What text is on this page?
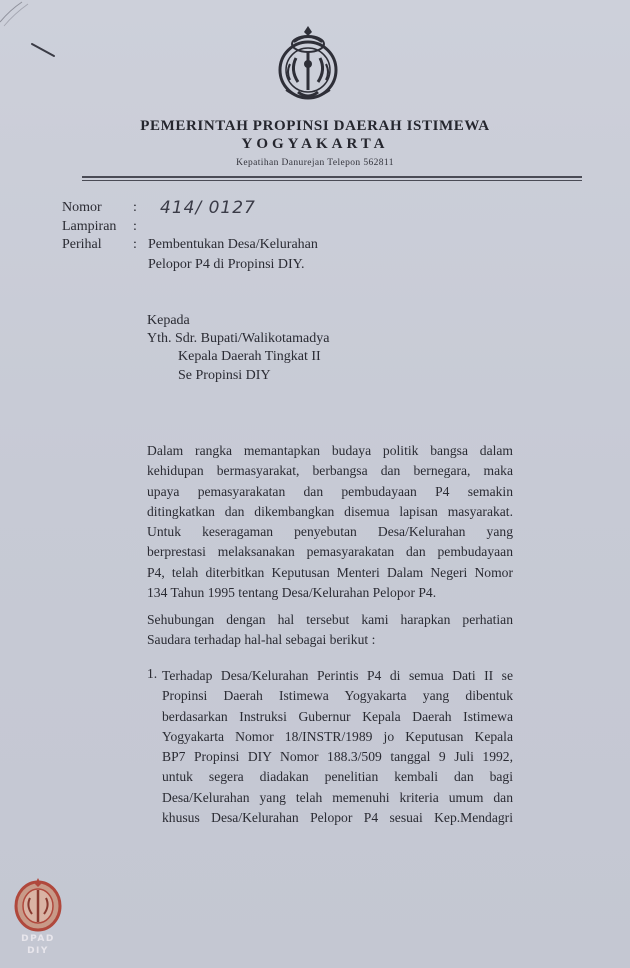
PEMERINTAH PROPINSI DAERAH ISTIMEWA
YOGYAKARTA
Kepatihan Danurejan Telepon 562811
Nomor : 414/ 0127
Lampiran :
Perihal : Pembentukan Desa/Kelurahan
Pelopor P4 di Propinsi DIY.
Kepada
Yth. Sdr. Bupati/Walikotamadya
Kepala Daerah Tingkat II
Se Propinsi DIY
Dalam rangka memantapkan budaya politik bangsa dalam
kehidupan bermasyarakat, berbangsa dan bernegara, maka
upaya pemasyarakatan dan pembudayaan P4 semakin
ditingkatkan dan dikembangkan disemua lapisan masyarakat.
Untuk keseragaman penyebutan Desa/Kelurahan yang
berprestasi melaksanakan pemasyarakatan dan pembudayaan
P4, telah diterbitkan Keputusan Menteri Dalam Negeri Nomor
134 Tahun 1995 tentang Desa/Kelurahan Pelopor P4.
Sehubungan dengan hal tersebut kami harapkan perhatian
Saudara terhadap hal-hal sebagai berikut :
1. Terhadap Desa/Kelurahan Perintis P4 di semua Dati II se
Propinsi Daerah Istimewa Yogyakarta yang dibentuk
berdasarkan Instruksi Gubernur Kepala Daerah Istimewa
Yogyakarta Nomor 18/INSTR/1989 jo Keputusan Kepala
BP7 Propinsi DIY Nomor 188.3/509 tanggal 9 Juli 1992,
untuk segera diadakan penelitian kembali dan bagi
Desa/Kelurahan yang telah memenuhi kriteria umum dan
khusus Desa/Kelurahan Pelopor P4 sesuai Kep.Mendagri
DPAD
DIY
